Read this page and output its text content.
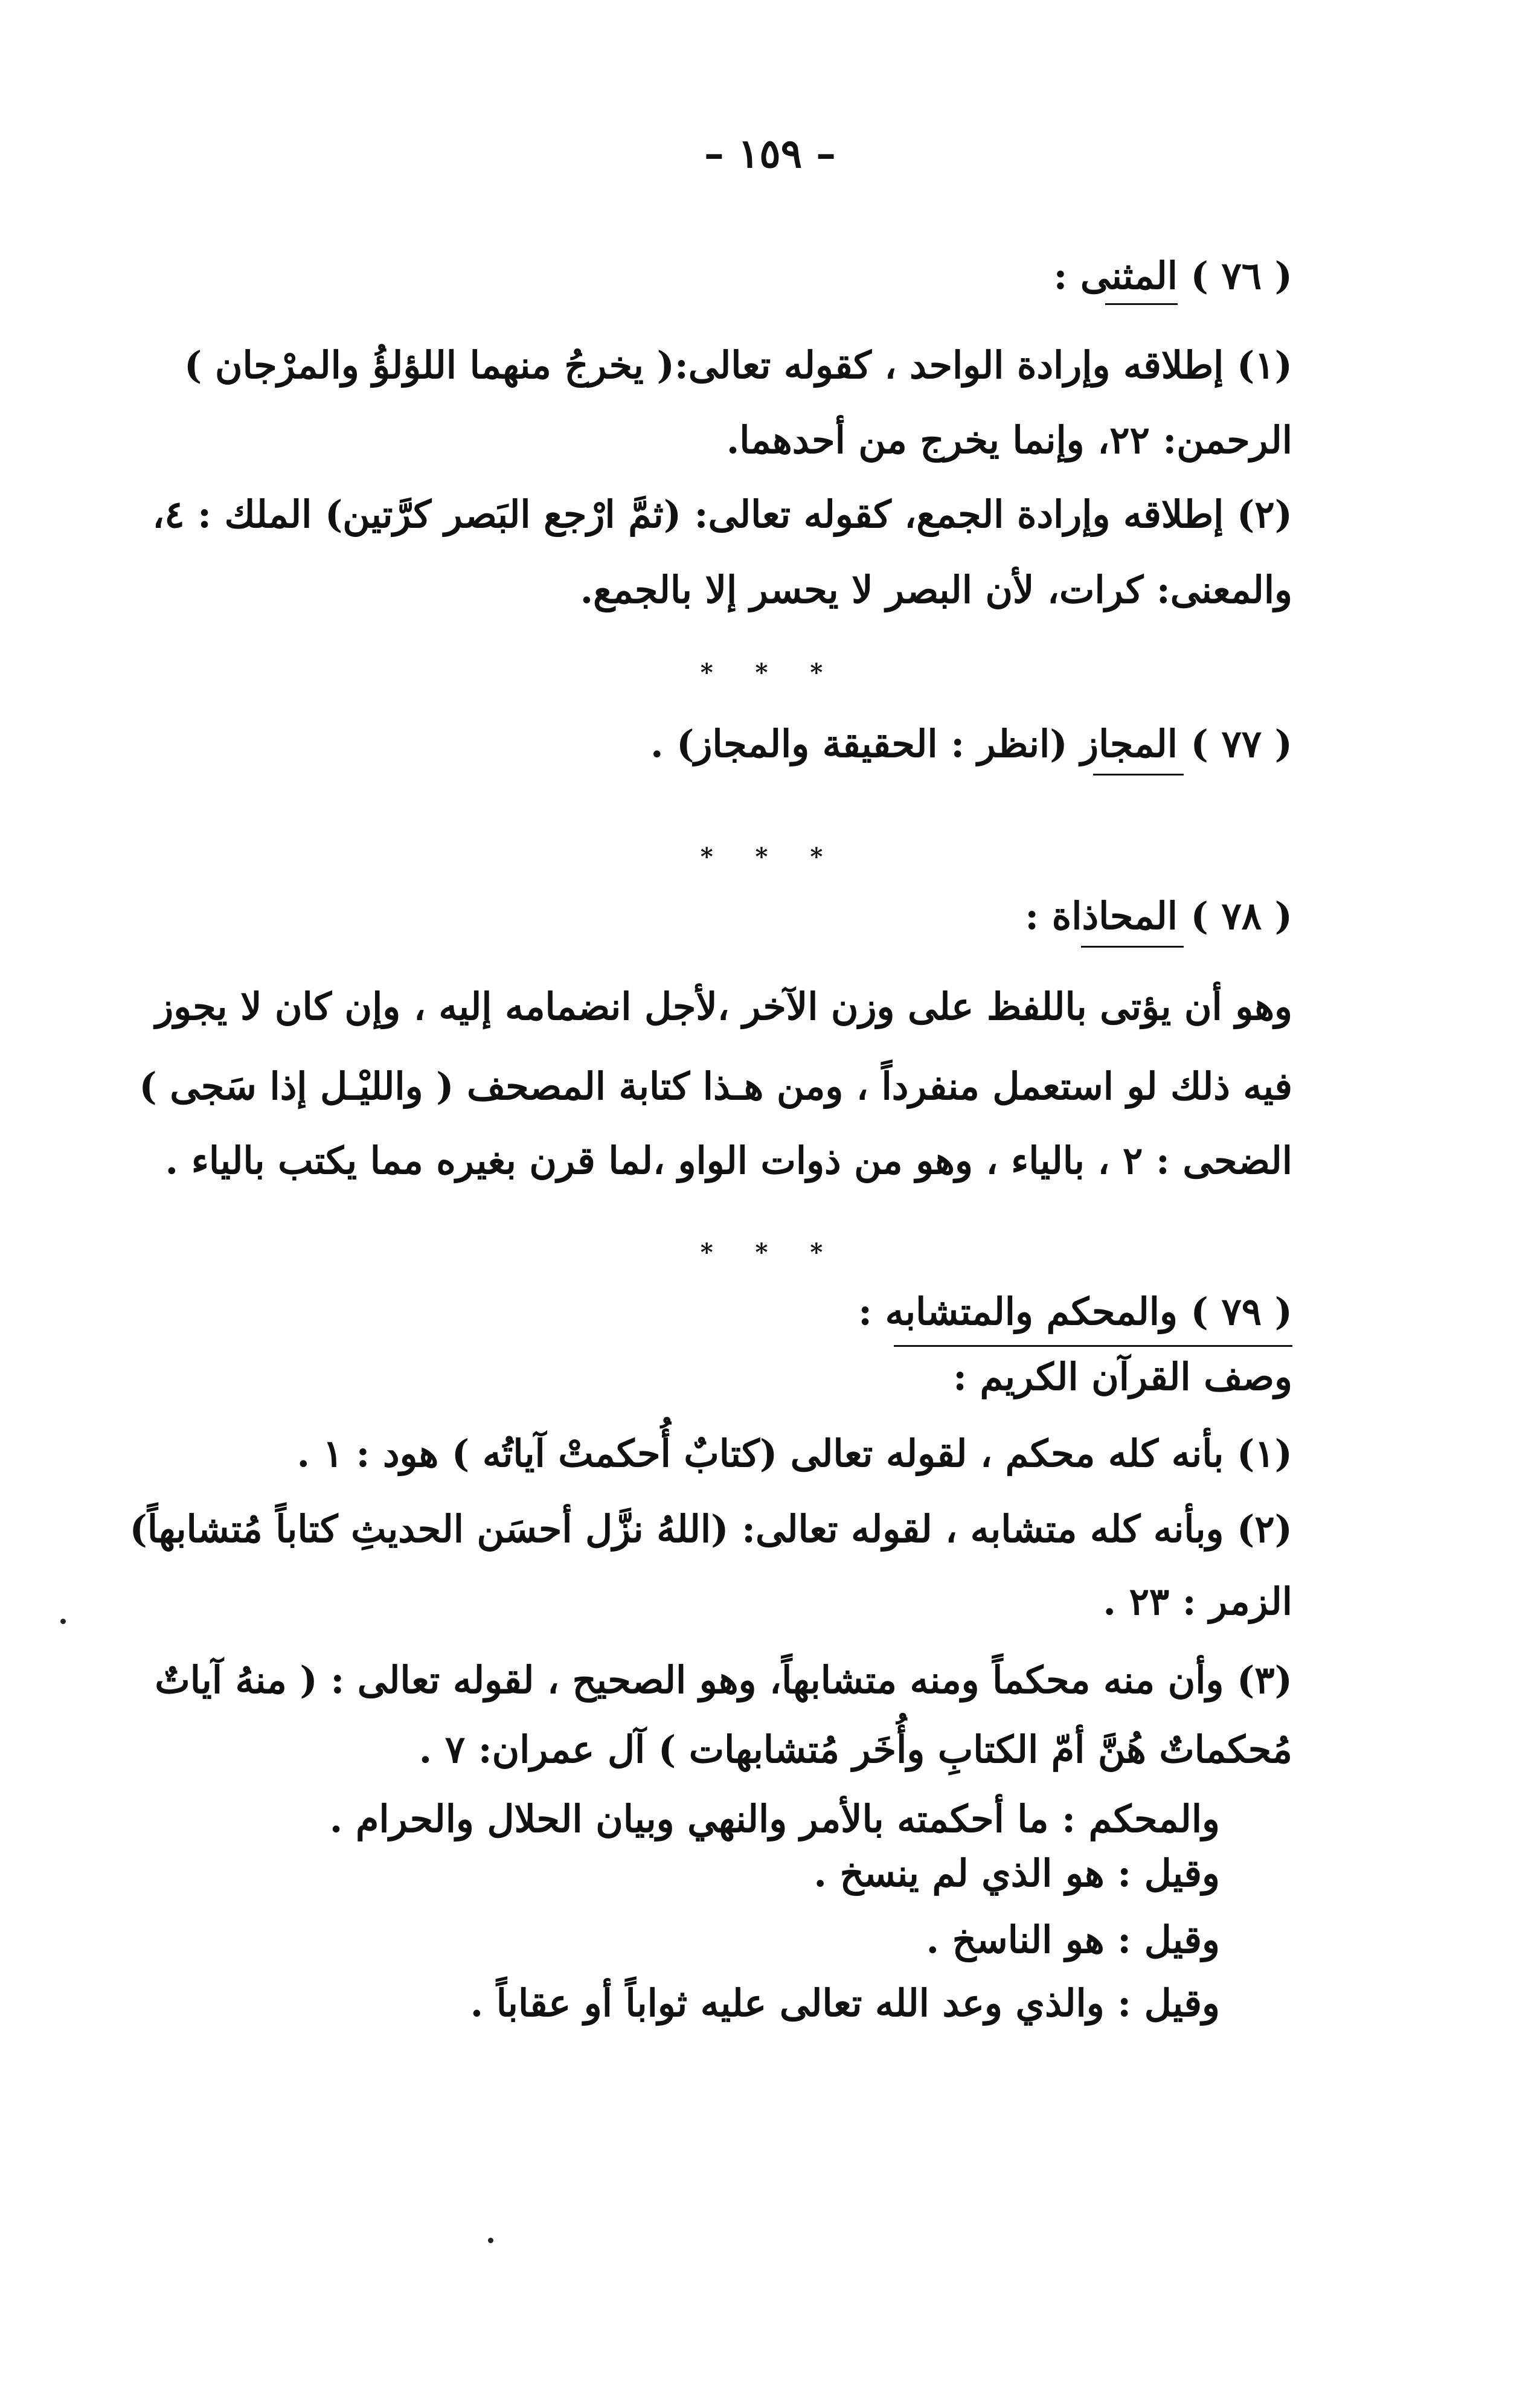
– ١٥٩ –
( ٧٦ ) المثنى :
(١) إطلاقه وإرادة الواحد ، كقوله تعالى:( يخرجُ منهما اللؤلؤُ والمرْجان )
الرحمن: ٢٢، وإنما يخرج من أحدهما.
(٢) إطلاقه وإرادة الجمع، كقوله تعالى: (ثمَّ ارْجع البَصر كرَّتين) الملك : ٤،
والمعنى: كرات، لأن البصر لا يحسر إلا بالجمع.
* * *
( ٧٧ ) المجاز (انظر : الحقيقة والمجاز) .
* * *
( ٧٨ ) المحاذاة :
وهو أن يؤتى باللفظ على وزن الآخر ،لأجل انضمامه إليه ، وإن كان لا يجوز
فيه ذلك لو استعمل منفرداً ، ومن هـذا كتابة المصحف ( والليْـل إذا سَجى )
الضحى : ٢ ، بالياء ، وهو من ذوات الواو ،لما قرن بغيره مما يكتب بالياء .
* * *
( ٧٩ ) والمحكم والمتشابه :
وصف القرآن الكريم :
(١) بأنه كله محكم ، لقوله تعالى (كتابٌ أُحكمتْ آياتُه ) هود : ١ .
(٢) وبأنه كله متشابه ، لقوله تعالى: (اللهُ نزَّل أحسَن الحديثِ كتاباً مُتشابهاً)
الزمر : ٢٣ .
(٣) وأن منه محكماً ومنه متشابهاً، وهو الصحيح ، لقوله تعالى : ( منهُ آياتٌ
مُحكماتٌ هُنَّ أمّ الكتابِ وأُخَر مُتشابهات ) آل عمران: ٧ .
والمحكم : ما أحكمته بالأمر والنهي وبيان الحلال والحرام .
وقيل : هو الذي لم ينسخ .
وقيل : هو الناسخ .
وقيل : والذي وعد الله تعالى عليه ثواباً أو عقاباً .
